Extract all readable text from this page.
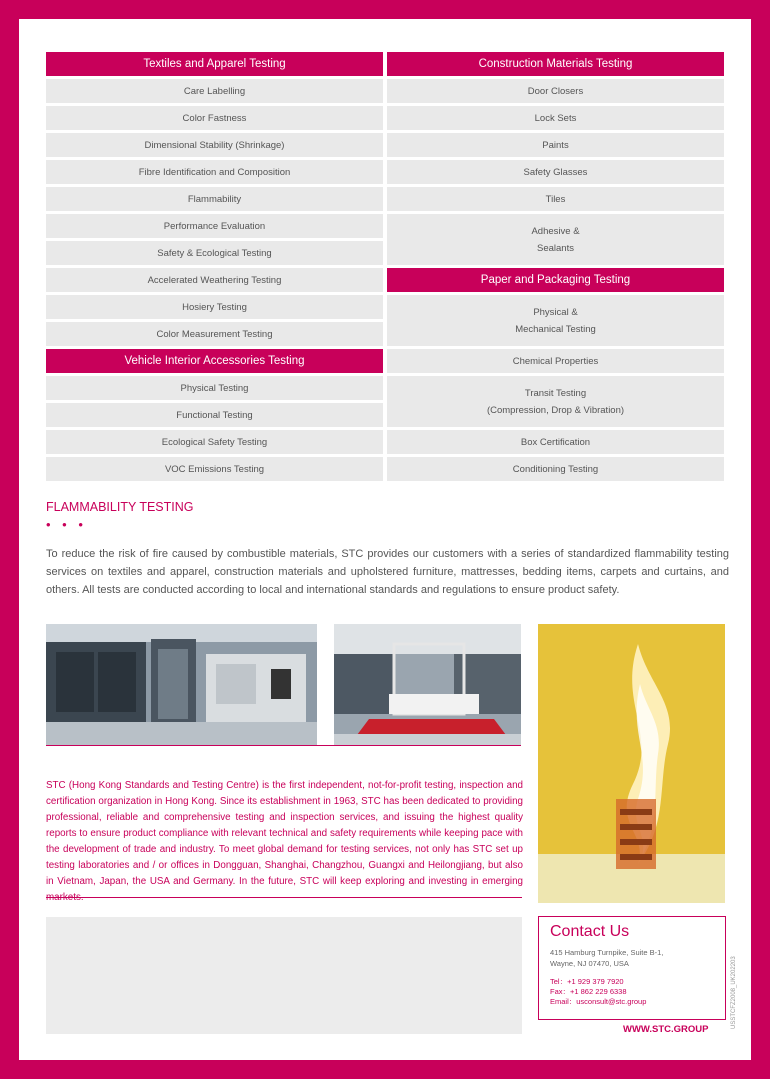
Textiles and Apparel Testing
Care Labelling
Color Fastness
Dimensional Stability (Shrinkage)
Fibre Identification and Composition
Flammability
Performance Evaluation
Safety & Ecological Testing
Accelerated Weathering Testing
Hosiery Testing
Color Measurement Testing
Vehicle Interior Accessories Testing
Physical Testing
Functional Testing
Ecological Safety Testing
VOC Emissions Testing
Construction Materials Testing
Door Closers
Lock Sets
Paints
Safety Glasses
Tiles
Adhesive &
Sealants
Paper and Packaging Testing
Physical &
Mechanical Testing
Chemical Properties
Transit Testing
(Compression, Drop & Vibration)
Box Certification
Conditioning Testing
FLAMMABILITY TESTING
• • •

To reduce the risk of fire caused by combustible materials, STC provides our customers with a series of standardized flammability testing services on textiles and apparel, construction materials and upholstered furniture, mattresses, bedding items, carpets and curtains, and others. All tests are conducted according to local and international standards and regulations to ensure product safety.

STC (Hong Kong Standards and Testing Centre) is the first independent, not-for-profit testing, inspection and certification organization in Hong Kong. Since its establishment in 1963, STC has been dedicated to providing professional, reliable and comprehensive testing and inspection services, and issuing the highest quality reports to ensure product compliance with relevant technical and safety requirements while keeping pace with the development of trade and industry. To meet global demand for testing services, not only has STC set up testing laboratories and / or offices in Dongguan, Shanghai, Changzhou, Guangxi and Heilongjiang, but also in Vietnam, Japan, the USA and Germany. In the future, STC will keep exploring and investing in emerging

Contact Us
415 Hamburg Turnpike, Suite B-1,
Wayne, NJ 07470, USA
Tel：+1 929 379 7920
Fax：+1 862 229 6338
Email：usconsult@stc.group
WWW.STC.GROUP
USSTCFZ2008_UK202203
